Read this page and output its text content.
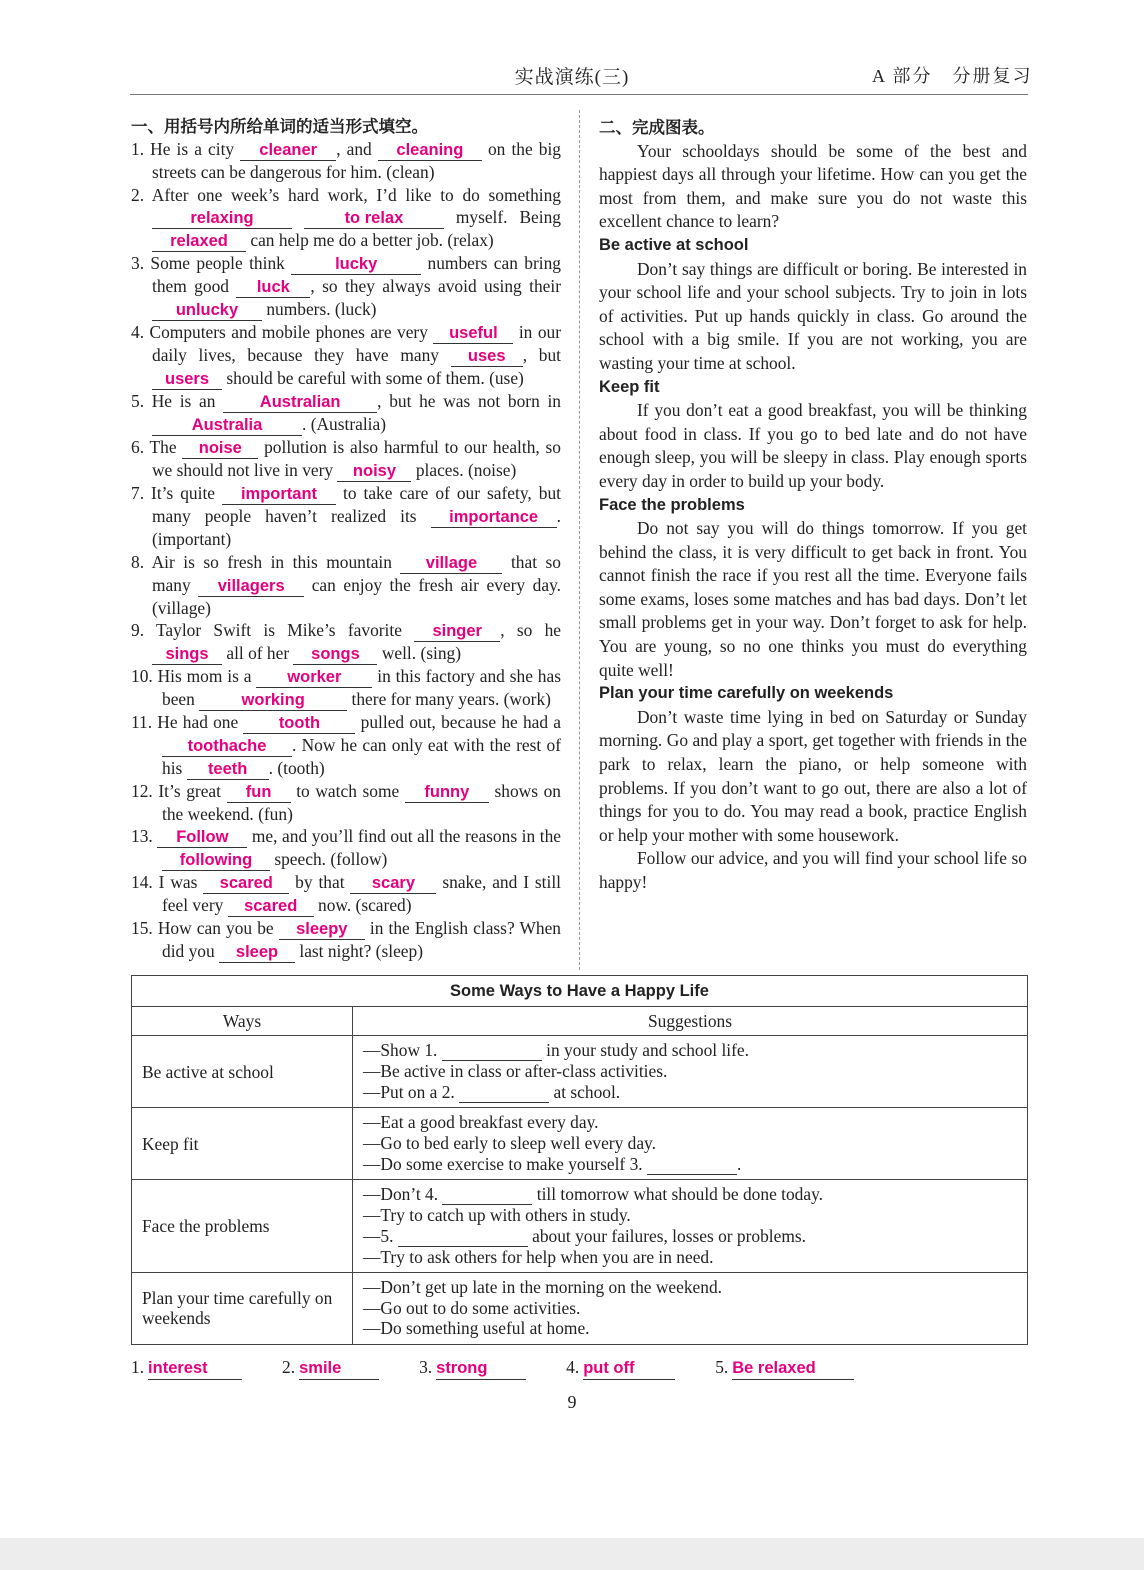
实战演练(三)	A 部分　分册复习
一、用括号内所给单词的适当形式填空。
1. He is a city cleaner , and cleaning on the big streets can be dangerous for him. (clean)
2. After one week’s hard work, I’d like to do something relaxing	to relax myself. Being relaxed can help me do a better job. (relax)
3. Some people think	lucky	numbers can bring them good luck , so they always avoid using their unlucky numbers. (luck)
4. Computers and mobile phones are very useful in our daily lives, because they have many uses , but users should be careful with some of them. (use)
5. He is an Australian , but he was not born in Australia . (Australia)
6. The noise pollution is also harmful to our health, so we should not live in very noisy places. (noise)
7. It’s quite important to take care of our safety, but many people haven’t realized its importance . (important)
8. Air is so fresh in this mountain village that so many villagers can enjoy the fresh air every day. (village)
9. Taylor Swift is Mike’s favorite singer , so he sings all of her songs well. (sing)
10. His mom is a worker in this factory and she has been	working there for many years. (work)
11. He had one tooth pulled out, because he had a toothache . Now he can only eat with the rest of his teeth . (tooth)
12. It’s great fun to watch some funny shows on the weekend. (fun)
13. Follow me, and you’ll find out all the reasons in the following speech. (follow)
14. I was scared by that scary snake, and I still feel very scared now. (scared)
15. How can you be sleepy in the English class? When did you sleep last night? (sleep)
二、完成图表。
Your schooldays should be some of the best and happiest days all through your lifetime. How can you get the most from them, and make sure you do not waste this excellent chance to learn?
Be active at school
Don’t say things are difficult or boring. Be interested in your school life and your school subjects. Try to join in lots of activities. Put up hands quickly in class. Go around the school with a big smile. If you are not working, you are wasting your time at school.
Keep fit
If you don’t eat a good breakfast, you will be thinking about food in class. If you go to bed late and do not have enough sleep, you will be sleepy in class. Play enough sports every day in order to build up your body.
Face the problems
Do not say you will do things tomorrow. If you get behind the class, it is very difficult to get back in front. You cannot finish the race if you rest all the time. Everyone fails some exams, loses some matches and has bad days. Don’t let small problems get in your way. Don’t forget to ask for help. You are young, so no one thinks you must do everything quite well!
Plan your time carefully on weekends
Don’t waste time lying in bed on Saturday or Sunday morning. Go and play a sport, get together with friends in the park to relax, learn the piano, or help someone with problems. If you don’t want to go out, there are also a lot of things for you to do. You may read a book, practice English or help your mother with some housework.
Follow our advice, and you will find your school life so happy!
Some Ways to Have a Happy Life	
Ways	Suggestions
Be active at school	—Show 1. in your study and school life.
—Be active in class or after-class activities.
—Put on a 2. at school.

Keep fit	—Eat a good breakfast every day.
—Go to bed early to sleep well every day.
—Do some exercise to make yourself 3. .

Face the problems	—Don’t 4. till tomorrow what should be done today.
—Try to catch up with others in study.
—5. about your failures, losses or problems.
—Try to ask others for help when you are in need.

Plan your time carefully on weekends	—Don’t get up late in the morning on the weekend.
—Go out to do some activities.
—Do something useful at home.
1. interest	2. smile	3. strong	4. put off	5. Be relaxed
9
